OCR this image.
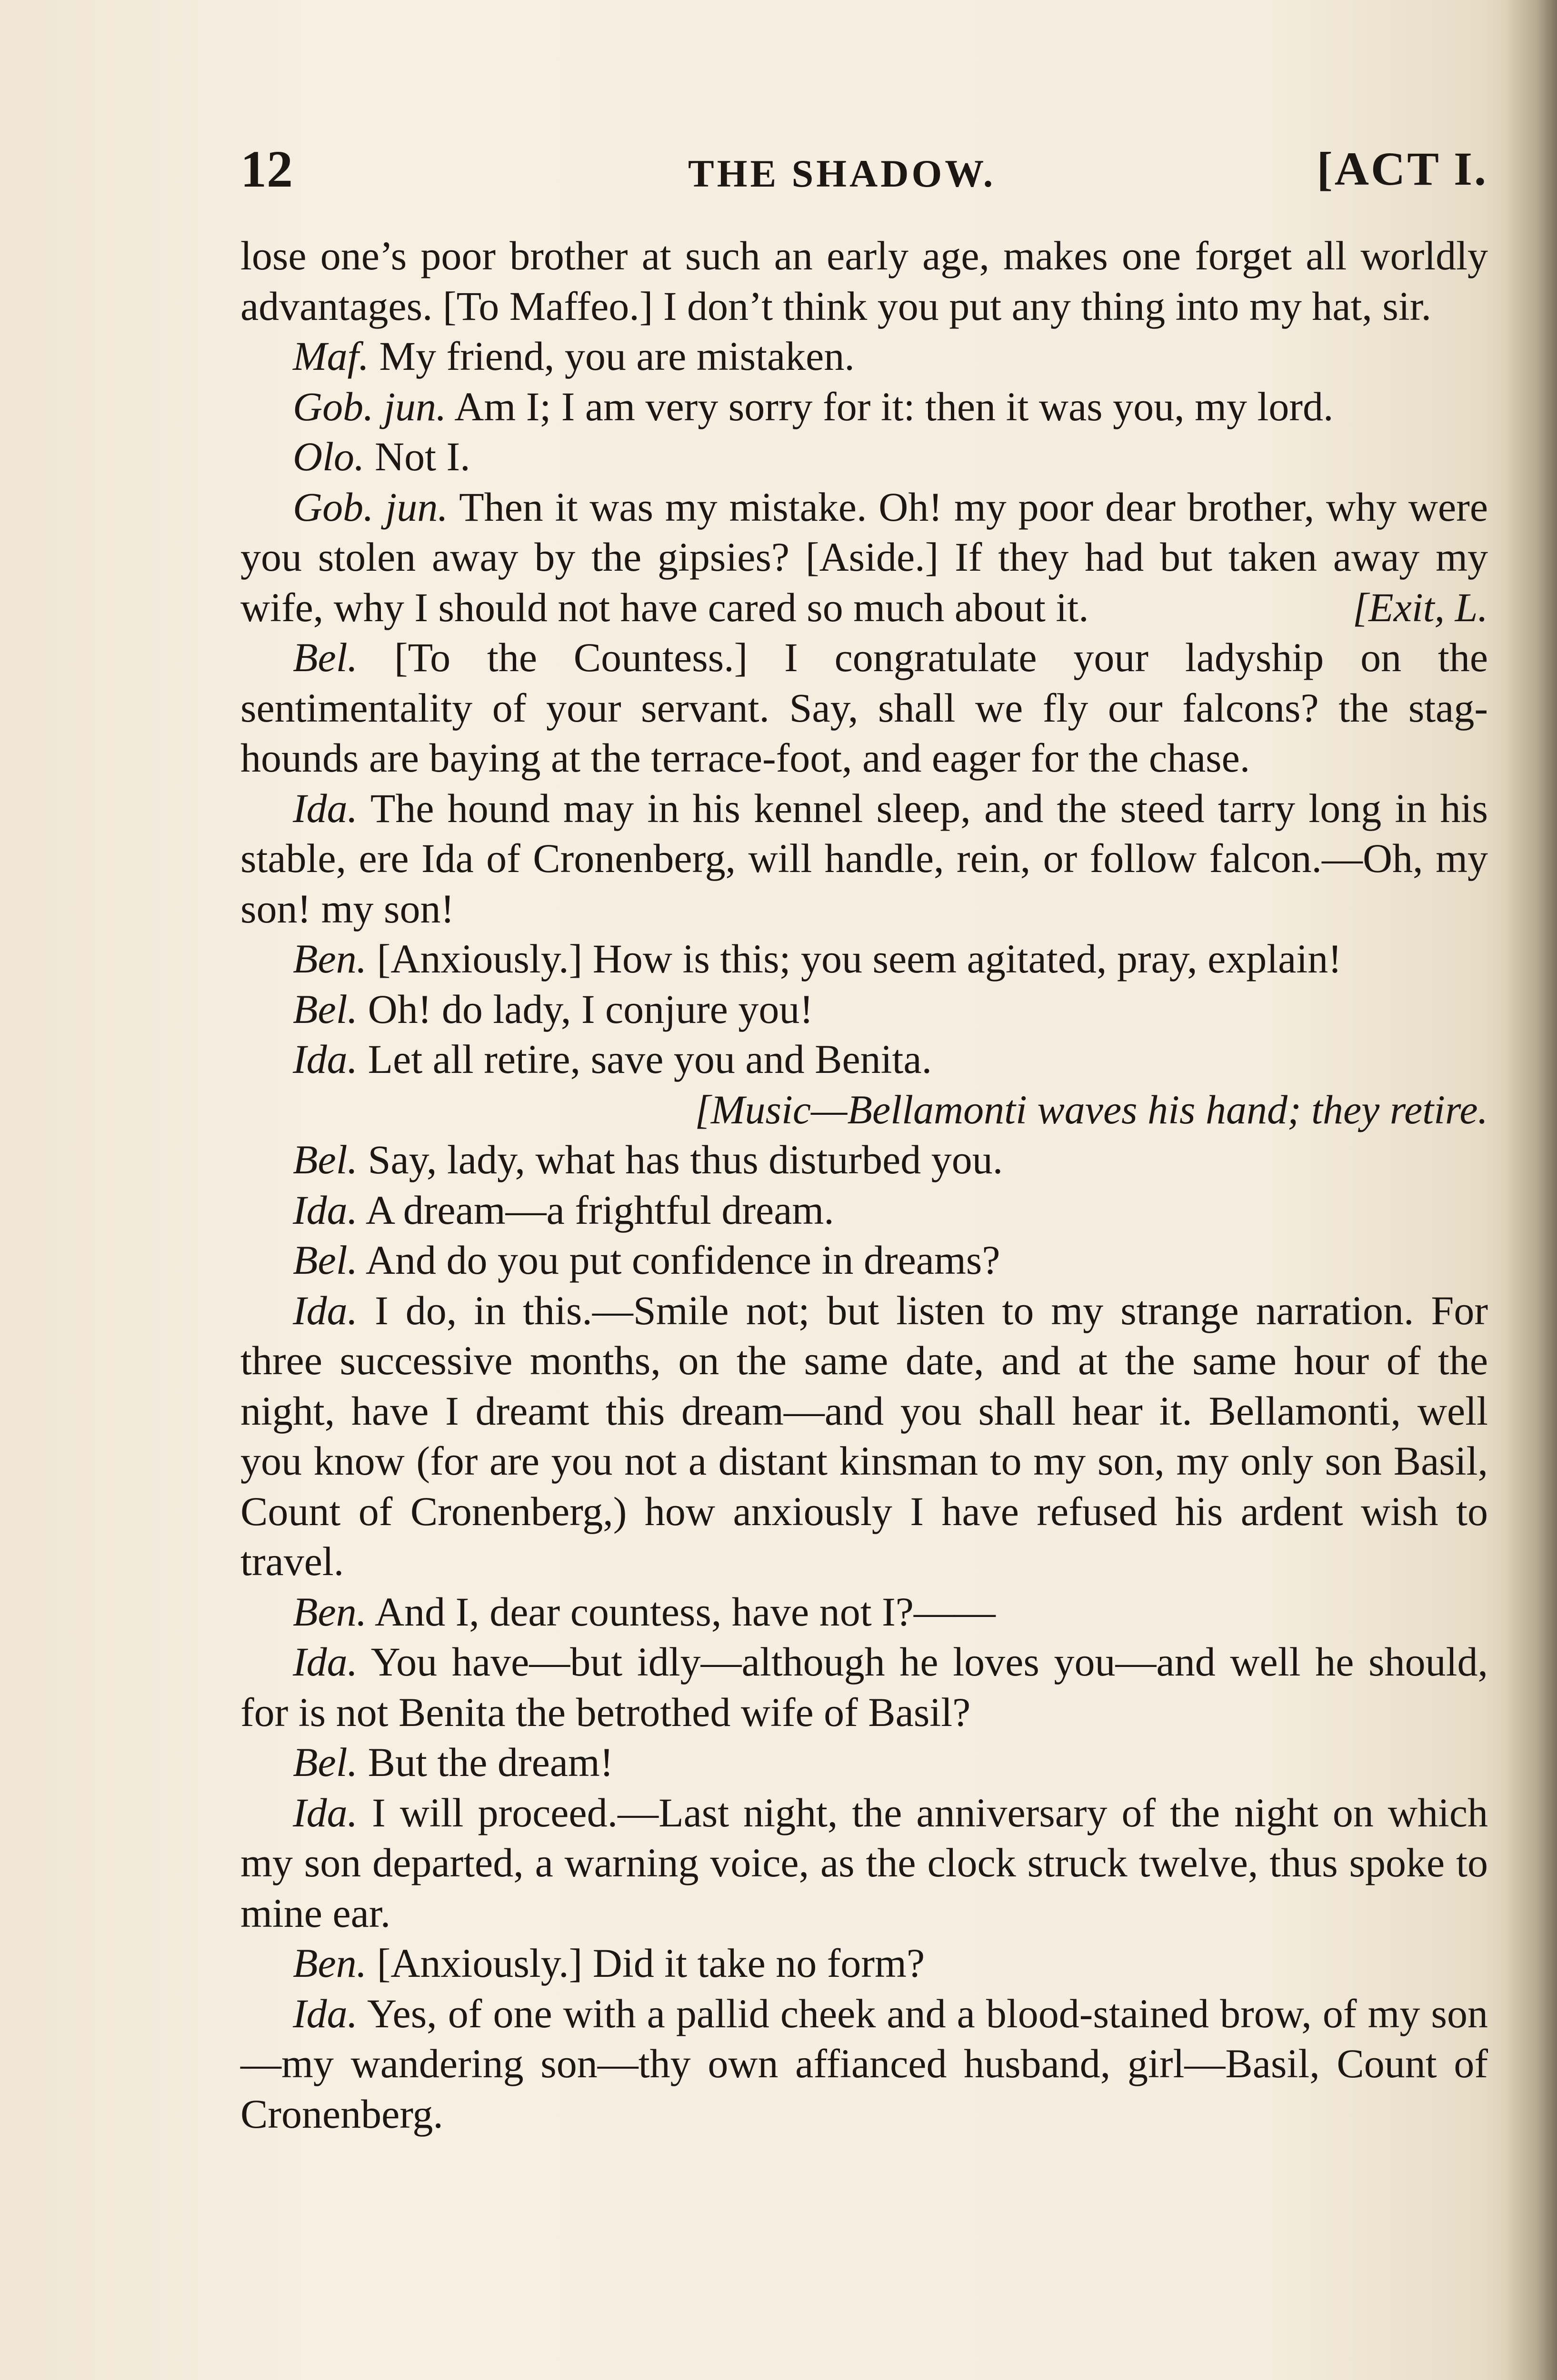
12	THE SHADOW.	[ACT I.

lose one’s poor brother at such an early age, makes one forget all worldly advantages. [To Maffeo.] I don’t think you put any thing into my hat, sir.

Maf. My friend, you are mistaken.

Gob. jun. Am I; I am very sorry for it: then it was you, my lord.

Olo. Not I.

Gob. jun. Then it was my mistake. Oh! my poor dear brother, why were you stolen away by the gipsies? [Aside.] If they had but taken away my wife, why I should not have cared so much about it.	[Exit, L.

Bel. [To the Countess.] I congratulate your ladyship on the sentimentality of your servant. Say, shall we fly our falcons? the stag-hounds are baying at the terrace-foot, and eager for the chase.

Ida. The hound may in his kennel sleep, and the steed tarry long in his stable, ere Ida of Cronenberg, will handle, rein, or follow falcon.—Oh, my son! my son!

Ben. [Anxiously.] How is this; you seem agitated, pray, explain!

Bel. Oh! do lady, I conjure you!

Ida. Let all retire, save you and Benita.

[Music—Bellamonti waves his hand; they retire.

Bel. Say, lady, what has thus disturbed you.

Ida. A dream—a frightful dream.

Bel. And do you put confidence in dreams?

Ida. I do, in this.—Smile not; but listen to my strange narration. For three successive months, on the same date, and at the same hour of the night, have I dreamt this dream—and you shall hear it. Bellamonti, well you know (for are you not a distant kinsman to my son, my only son Basil, Count of Cronenberg,) how anxiously I have refused his ardent wish to travel.

Ben. And I, dear countess, have not I?——

Ida. You have—but idly—although he loves you—and well he should, for is not Benita the betrothed wife of Basil?

Bel. But the dream!

Ida. I will proceed.—Last night, the anniversary of the night on which my son departed, a warning voice, as the clock struck twelve, thus spoke to mine ear.

Ben. [Anxiously.] Did it take no form?

Ida. Yes, of one with a pallid cheek and a blood-stained brow, of my son—my wandering son—thy own affianced husband, girl—Basil, Count of Cronenberg.
